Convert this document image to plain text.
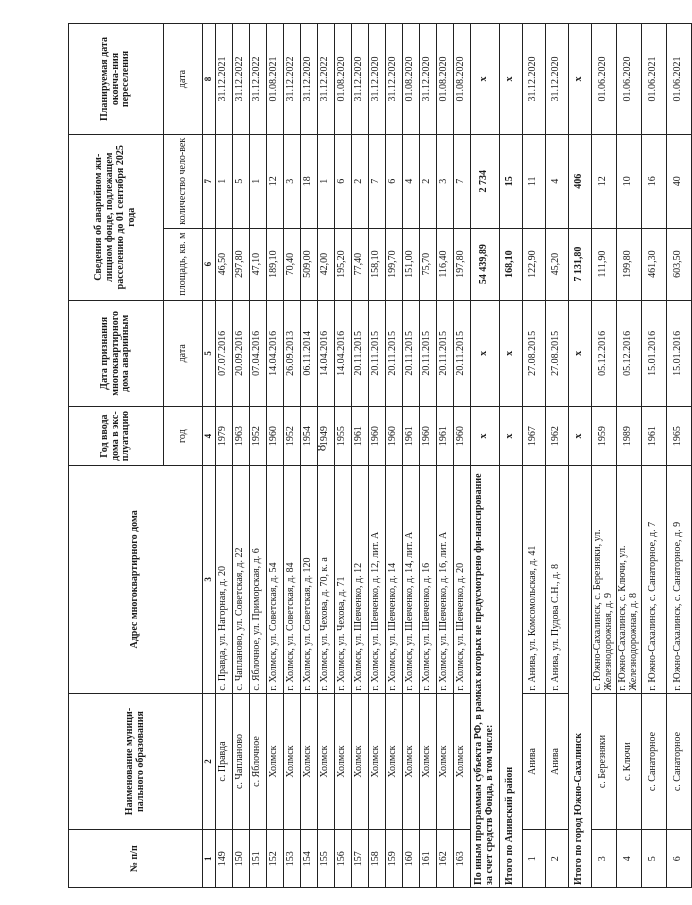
8
№ п/п	Наименование муници-пального образования	Адрес многоквартирного дома	Год ввода дома в экс-плуатацию	Дата признания многоквартирного дома аварийным	Сведения об аварийном жи-лищном фонде, подлежащем расселению до 01 сентября 2025 года		Планируемая дата оконча-ния переселения
			год	дата	площадь, кв. м	количество чело-век	дата
1	2	3	4	5	6	7	8
149	с. Правда	с. Правда, ул. Нагорная, д. 20	1979	07.07.2016	46,50	1	31.12.2021
150	с. Чапланово	с. Чапланово, ул. Советская, д. 22	1963	20.09.2016	297,80	5	31.12.2022
151	с. Яблочное	с. Яблочное, ул. Приморская, д. 6	1952	07.04.2016	47,10	1	31.12.2022
152	Холмск	г. Холмск, ул. Советская, д. 54	1960	14.04.2016	189,10	12	01.08.2021
153	Холмск	г. Холмск, ул. Советская, д. 84	1952	26.09.2013	70,40	3	31.12.2022
154	Холмск	г. Холмск, ул. Советская, д. 120	1954	06.11.2014	509,00	18	31.12.2020
155	Холмск	г. Холмск, ул. Чехова, д. 70, к. а	1949	14.04.2016	42,00	1	31.12.2022
156	Холмск	г. Холмск, ул. Чехова, д. 71	1955	14.04.2016	195,20	6	01.08.2020
157	Холмск	г. Холмск, ул. Шевченко, д. 12	1961	20.11.2015	77,40	2	31.12.2020
158	Холмск	г. Холмск, ул. Шевченко, д. 12, лит. А	1960	20.11.2015	158,10	7	31.12.2020
159	Холмск	г. Холмск, ул. Шевченко, д. 14	1960	20.11.2015	199,70	6	31.12.2020
160	Холмск	г. Холмск, ул. Шевченко, д. 14, лит. А	1961	20.11.2015	151,00	4	01.08.2020
161	Холмск	г. Холмск, ул. Шевченко, д. 16	1960	20.11.2015	75,70	2	31.12.2020
162	Холмск	г. Холмск, ул. Шевченко, д. 16, лит. А	1961	20.11.2015	116,40	3	01.08.2020
163	Холмск	г. Холмск, ул. Шевченко, д. 20	1960	20.11.2015	197,80	7	01.08.2020
По иным программам субъекта РФ, в рамках которых не предусмотрено фи-нансирование за счет средств Фонда, в том числе:			x	x	54 439,89	2 734	x
Итого по Анивский район			x	x	168,10	15	x
1	Анива	г. Анива, ул. Комсомольская, д. 41	1967	27.08.2015	122,90	11	31.12.2020
2	Анива	г. Анива, ул. Пудова С.Н., д. 8	1962	27.08.2015	45,20	4	31.12.2020
Итого по город Южно-Сахалинск			x	x	7 131,80	406	x
3	с. Березняки	с. Южно-Сахалинск, с. Березняки, ул. Железнодорожная, д. 9	1959	05.12.2016	111,90	12	01.06.2020
4	с. Ключи	г. Южно-Сахалинск, с. Ключи, ул. Железнодорожная, д. 8	1989	05.12.2016	199,80	10	01.06.2020
5	с. Санаторное	г. Южно-Сахалинск, с. Санаторное, д. 7	1961	15.01.2016	461,30	16	01.06.2021
6	с. Санаторное	г. Южно-Сахалинск, с. Санаторное, д. 9	1965	15.01.2016	603,50	40	01.06.2021
